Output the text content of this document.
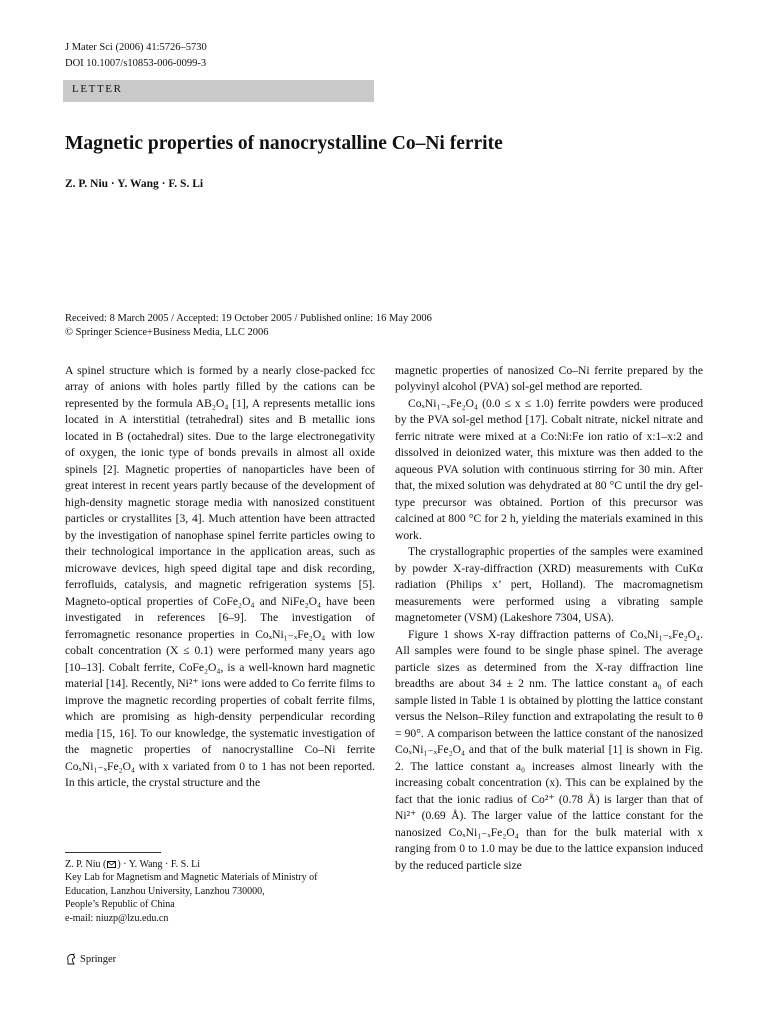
J Mater Sci (2006) 41:5726–5730
DOI 10.1007/s10853-006-0099-3
LETTER
Magnetic properties of nanocrystalline Co–Ni ferrite
Z. P. Niu · Y. Wang · F. S. Li
Received: 8 March 2005 / Accepted: 19 October 2005 / Published online: 16 May 2006
© Springer Science+Business Media, LLC 2006

A spinel structure which is formed by a nearly close-packed fcc array of anions with holes partly filled by the cations can be represented by the formula AB₂O₄ [1], A represents metallic ions located in A interstitial (tetrahedral) sites and B metallic ions located in B (octahedral) sites. Due to the large electronegativity of oxygen, the ionic type of bonds prevails in almost all oxide spinels [2]. Magnetic properties of nanoparticles have been of great interest in recent years partly because of the development of high-density magnetic storage media with nanosized constituent particles or crystallites [3, 4]. Much attention have been attracted by the investigation of nanophase spinel ferrite particles owing to their technological importance in the application areas, such as microwave devices, high speed digital tape and disk recording, ferrofluids, catalysis, and magnetic refrigeration systems [5]. Magneto-optical properties of CoFe₂O₄ and NiFe₂O₄ have been investigated in references [6–9]. The investigation of ferromagnetic resonance properties in CoₓNi₁₋ₓFe₂O₄ with low cobalt concentration (X ≤ 0.1) were performed many years ago [10–13]. Cobalt ferrite, CoFe₂O₄, is a well-known hard magnetic material [14]. Recently, Ni²⁺ ions were added to Co ferrite films to improve the magnetic recording properties of cobalt ferrite films, which are promising as high-density perpendicular recording media [15, 16]. To our knowledge, the systematic investigation of the magnetic properties of nanocrystalline Co–Ni ferrite CoₓNi₁₋ₓFe₂O₄ with x variated from 0 to 1 has not been reported. In this article, the crystal structure and the

magnetic properties of nanosized Co–Ni ferrite prepared by the polyvinyl alcohol (PVA) sol-gel method are reported.

CoₓNi₁₋ₓFe₂O₄ (0.0 ≤ x ≤ 1.0) ferrite powders were produced by the PVA sol-gel method [17]. Cobalt nitrate, nickel nitrate and ferric nitrate were mixed at a Co:Ni:Fe ion ratio of x:1–x:2 and dissolved in deionized water, this mixture was then added to the aqueous PVA solution with continuous stirring for 30 min. After that, the mixed solution was dehydrated at 80 °C until the dry gel-type precursor was obtained. Portion of this precursor was calcined at 800 °C for 2 h, yielding the materials examined in this work.

The crystallographic properties of the samples were examined by powder X-ray-diffraction (XRD) measurements with CuKα radiation (Philips x’ pert, Holland). The macromagnetism measurements were performed using a vibrating sample magnetometer (VSM) (Lakeshore 7304, USA).

Figure 1 shows X-ray diffraction patterns of CoₓNi₁₋ₓFe₂O₄. All samples were found to be single phase spinel. The average particle sizes as determined from the X-ray diffraction line breadths are about 34 ± 2 nm. The lattice constant a₀ of each sample listed in Table 1 is obtained by plotting the lattice constant versus the Nelson–Riley function and extrapolating the result to θ = 90°. A comparison between the lattice constant of the nanosized CoₓNi₁₋ₓFe₂O₄ and that of the bulk material [1] is shown in Fig. 2. The lattice constant a₀ increases almost linearly with the increasing cobalt concentration (x). This can be explained by the fact that the ionic radius of Co²⁺ (0.78 Å) is larger than that of Ni²⁺ (0.69 Å). The larger value of the lattice constant for the nanosized CoₓNi₁₋ₓFe₂O₄ than for the bulk material with x ranging from 0 to 1.0 may be due to the lattice expansion induced by the reduced particle size

Z. P. Niu ( ) · Y. Wang · F. S. Li
Key Lab for Magnetism and Magnetic Materials of Ministry of
Education, Lanzhou University, Lanzhou 730000,
People’s Republic of China
e-mail: niuzp@lzu.edu.cn
Springer
